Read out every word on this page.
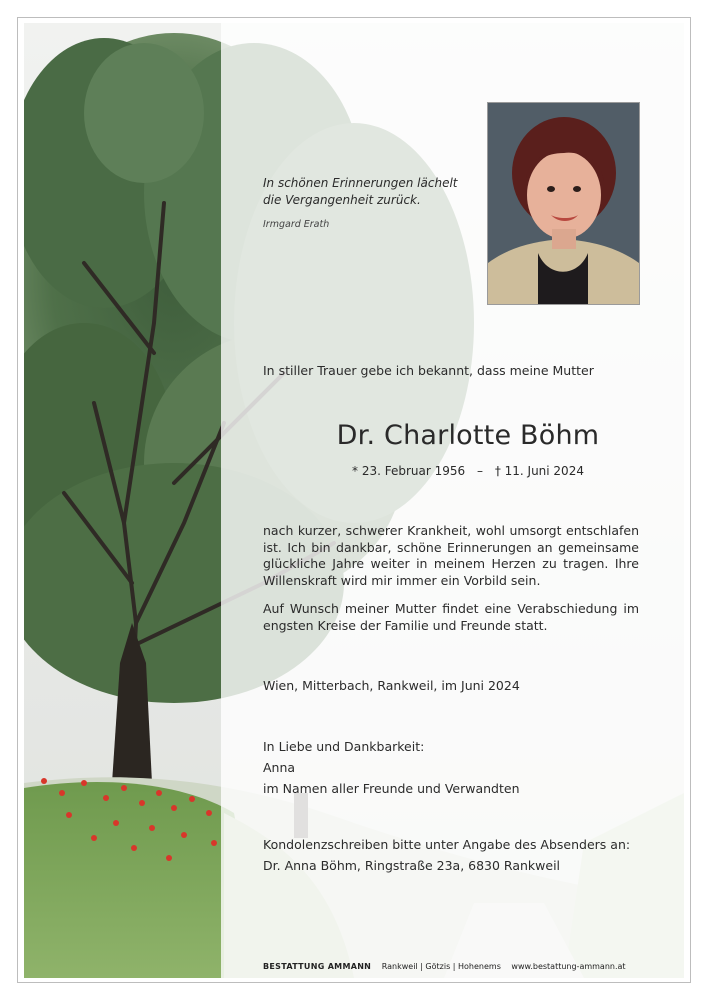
In schönen Erinnerungen lächelt
die Vergangenheit zurück.
Irmgard Erath
In stiller Trauer gebe ich bekannt, dass meine Mutter
Dr. Charlotte Böhm
* 23. Februar 1956 – † 11. Juni 2024
nach kurzer, schwerer Krankheit, wohl umsorgt entschlafen ist. Ich bin dankbar, schöne Erinnerungen an gemeinsame glückliche Jahre weiter in meinem Herzen zu tragen. Ihre Willenskraft wird mir immer ein Vorbild sein.
Auf Wunsch meiner Mutter findet eine Verabschiedung im engsten Kreise der Familie und Freunde statt.
Wien, Mitterbach, Rankweil, im Juni 2024
In Liebe und Dankbarkeit:
Anna
im Namen aller Freunde und Verwandten
Kondolenzschreiben bitte unter Angabe des Absenders an:
Dr. Anna Böhm, Ringstraße 23a, 6830 Rankweil
BESTATTUNG AMMANN Rankweil | Götzis | Hohenems www.bestattung-ammann.at
